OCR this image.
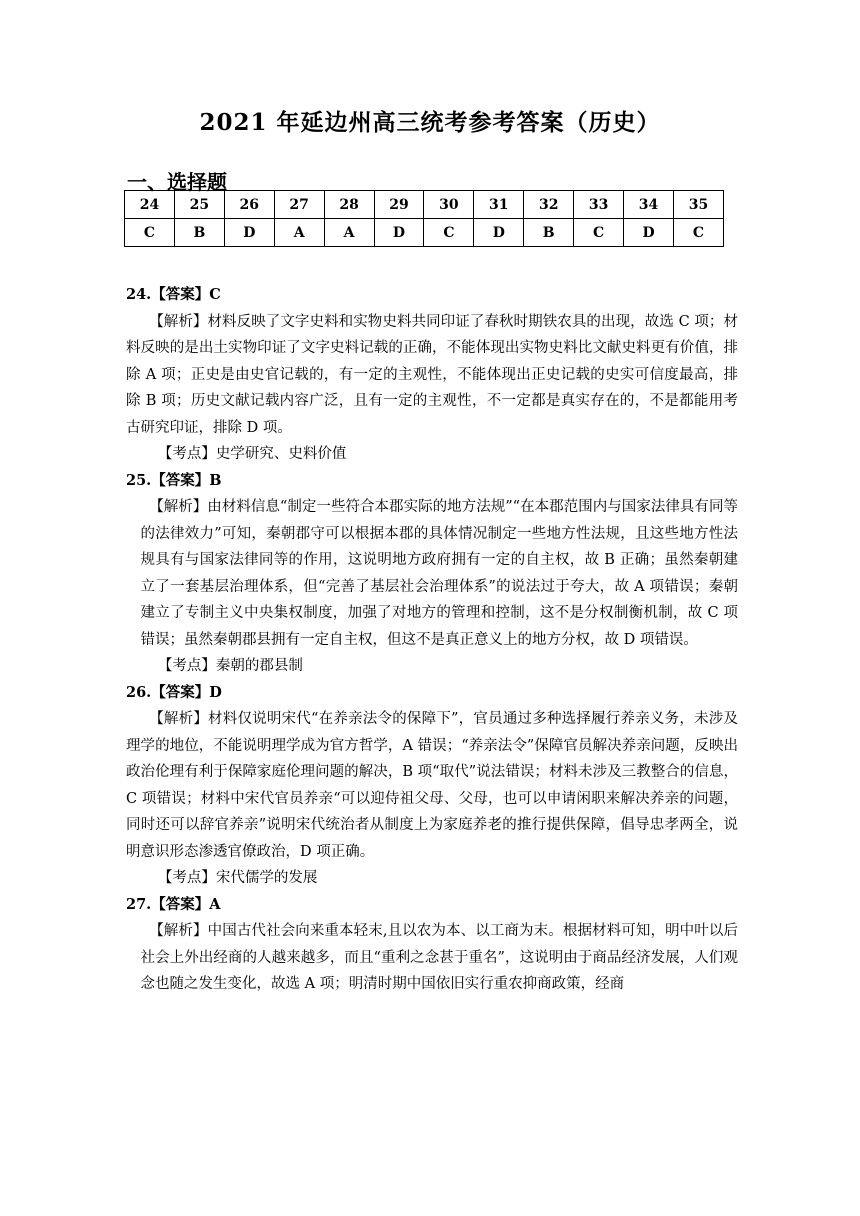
2021 年延边州高三统考参考答案（历史）
一、选择题
24	25	26	27	28	29	30	31	32	33	34	35
C	B	D	A	A	D	C	D	B	C	D	C

24.【答案】C

【解析】材料反映了文字史料和实物史料共同印证了春秋时期铁农具的出现，故选 C 项；材料反映的是出土实物印证了文字史料记载的正确，不能体现出实物史料比文献史料更有价值，排除 A 项；正史是由史官记载的，有一定的主观性，不能体现出正史记载的史实可信度最高，排除 B 项；历史文献记载内容广泛，且有一定的主观性，不一定都是真实存在的，不是都能用考古研究印证，排除 D 项。

【考点】史学研究、史料价值

25.【答案】B

【解析】由材料信息“制定一些符合本郡实际的地方法规”“在本郡范围内与国家法律具有同等的法律效力”可知，秦朝郡守可以根据本郡的具体情况制定一些地方性法规，且这些地方性法规具有与国家法律同等的作用，这说明地方政府拥有一定的自主权，故 B 正确；虽然秦朝建立了一套基层治理体系，但“完善了基层社会治理体系”的说法过于夸大，故 A 项错误；秦朝建立了专制主义中央集权制度，加强了对地方的管理和控制，这不是分权制衡机制，故 C 项错误；虽然秦朝郡县拥有一定自主权，但这不是真正意义上的地方分权，故 D 项错误。

【考点】秦朝的郡县制

26.【答案】D

【解析】材料仅说明宋代“在养亲法令的保障下”，官员通过多种选择履行养亲义务，未涉及理学的地位，不能说明理学成为官方哲学，A 错误；“养亲法令”保障官员解决养亲问题，反映出政治伦理有利于保障家庭伦理问题的解决，B 项“取代”说法错误；材料未涉及三教整合的信息，C 项错误；材料中宋代官员养亲“可以迎侍祖父母、父母，也可以申请闲职来解决养亲的问题，同时还可以辞官养亲”说明宋代统治者从制度上为家庭养老的推行提供保障，倡导忠孝两全，说明意识形态渗透官僚政治，D 项正确。

【考点】宋代儒学的发展

27.【答案】A

【解析】中国古代社会向来重本轻末,且以农为本、以工商为末。根据材料可知，明中叶以后社会上外出经商的人越来越多，而且“重利之念甚于重名”，这说明由于商品经济发展，人们观念也随之发生变化，故选 A 项；明清时期中国依旧实行重农抑商政策，经商
